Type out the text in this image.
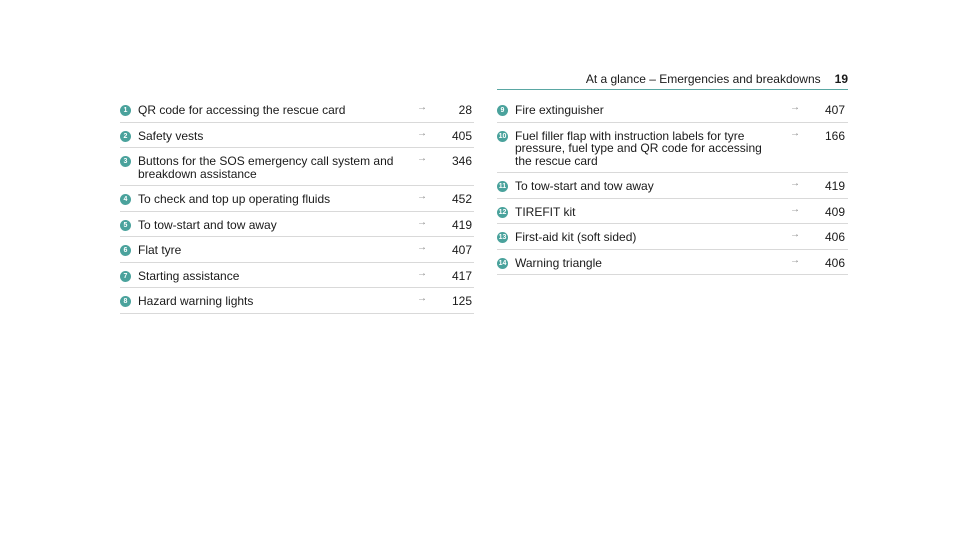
At a glance – Emergencies and breakdowns 19
1 QR code for accessing the rescue card	→	28
2 Safety vests	→	405
3 Buttons for the SOS emergency call system and breakdown assistance
→	346
4 To check and top up operating fluids	→	452
5 To tow-start and tow away	→	419
6 Flat tyre	→	407
7 Starting assistance	→	417
8 Hazard warning lights	→	125
9 Fire extinguisher	→	407
10 Fuel filler flap with instruction labels for tyre pressure, fuel type and QR code for accessing the rescue card
→	166
11 To tow-start and tow away	→	419
12 TIREFIT kit	→	409
13 First-aid kit (soft sided)	→	406
14 Warning triangle	→	406
